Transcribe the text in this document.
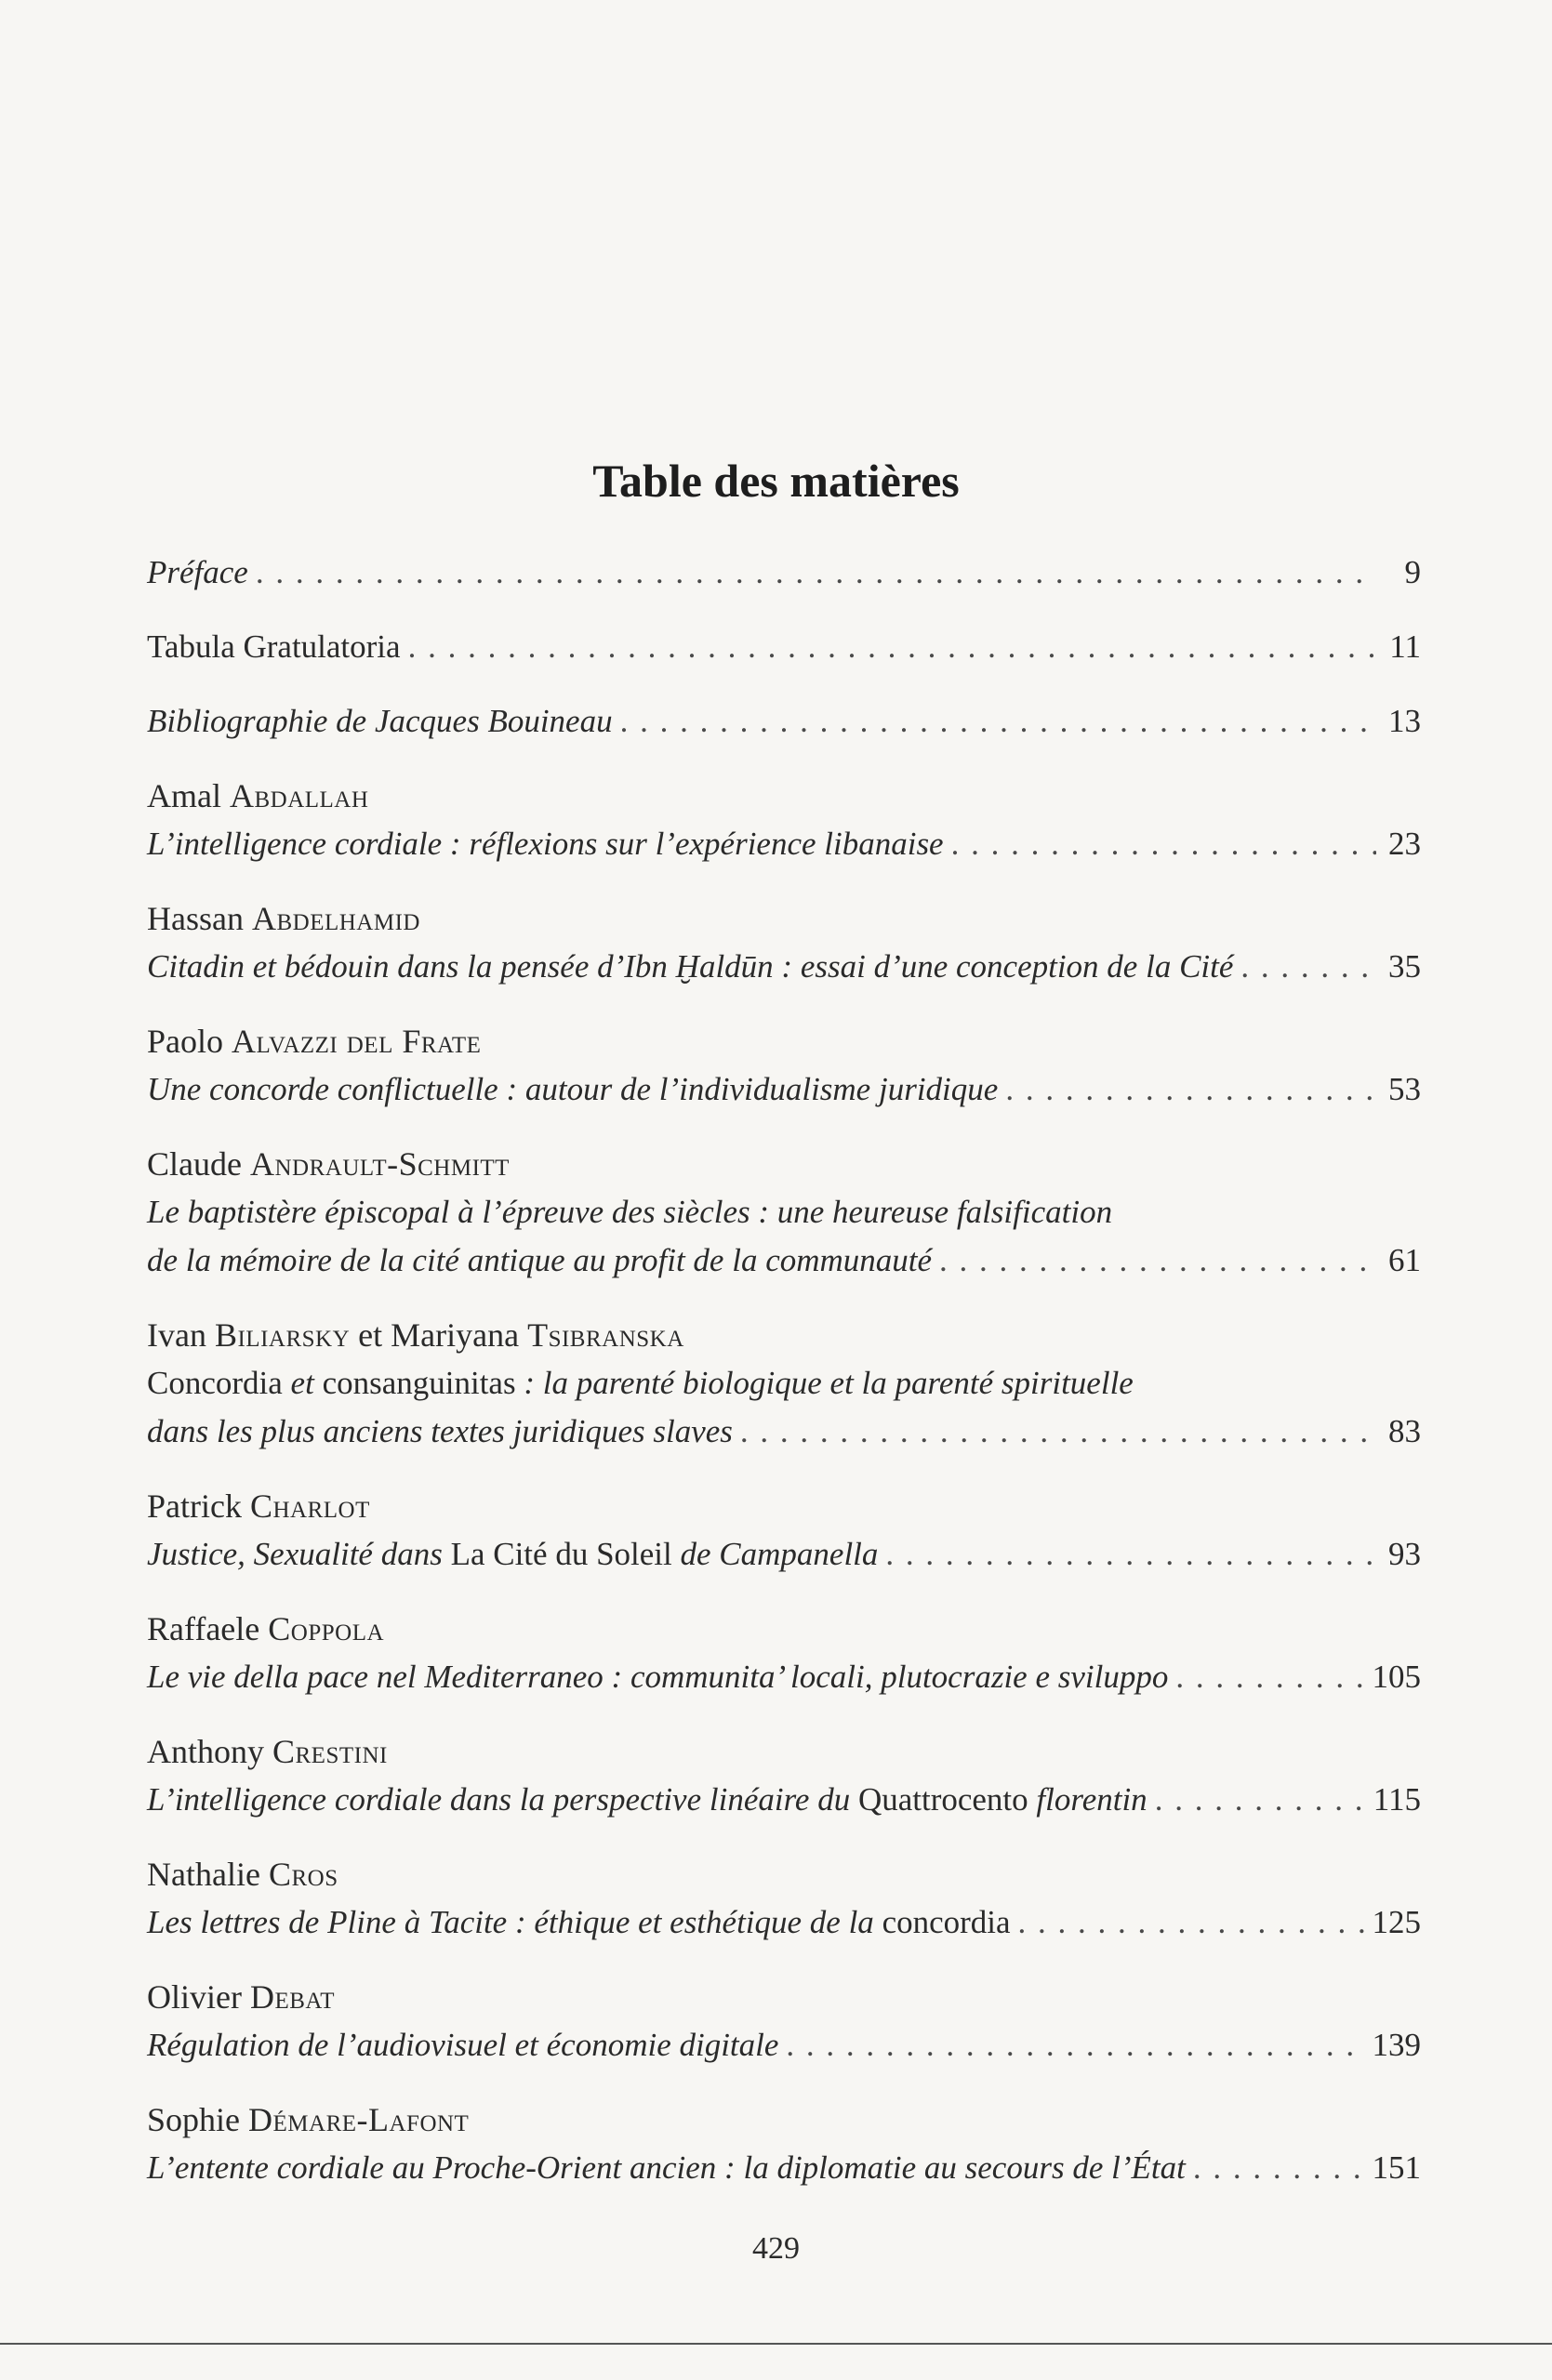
Table des matières
Préface . . .	9
Tabula Gratulatoria . . .	11
Bibliographie de Jacques Bouineau . . .	13
Amal Abdallah
L’intelligence cordiale : réflexions sur l’expérience libanaise . . .	23
Hassan Abdelhamid
Citadin et bédouin dans la pensée d’Ibn Ḫaldūn : essai d’une conception de la Cité . . .	35
Paolo Alvazzi del Frate
Une concorde conflictuelle : autour de l’individualisme juridique . . .	53
Claude Andrault-Schmitt
Le baptistère épiscopal à l’épreuve des siècles : une heureuse falsification
de la mémoire de la cité antique au profit de la communauté . . .	61
Ivan Biliarsky et Mariyana Tsibranska
Concordia et consanguinitas : la parenté biologique et la parenté spirituelle
dans les plus anciens textes juridiques slaves . . .	83
Patrick Charlot
Justice, Sexualité dans La Cité du Soleil de Campanella . . .	93
Raffaele Coppola
Le vie della pace nel Mediterraneo : communita’ locali, plutocrazie e sviluppo . . .	105
Anthony Crestini
L’intelligence cordiale dans la perspective linéaire du Quattrocento florentin . . .	115
Nathalie Cros
Les lettres de Pline à Tacite : éthique et esthétique de la concordia . . .	125
Olivier Debat
Régulation de l’audiovisuel et économie digitale . . .	139
Sophie Démare-Lafont
L’entente cordiale au Proche-Orient ancien : la diplomatie au secours de l’État . . .	151
429
